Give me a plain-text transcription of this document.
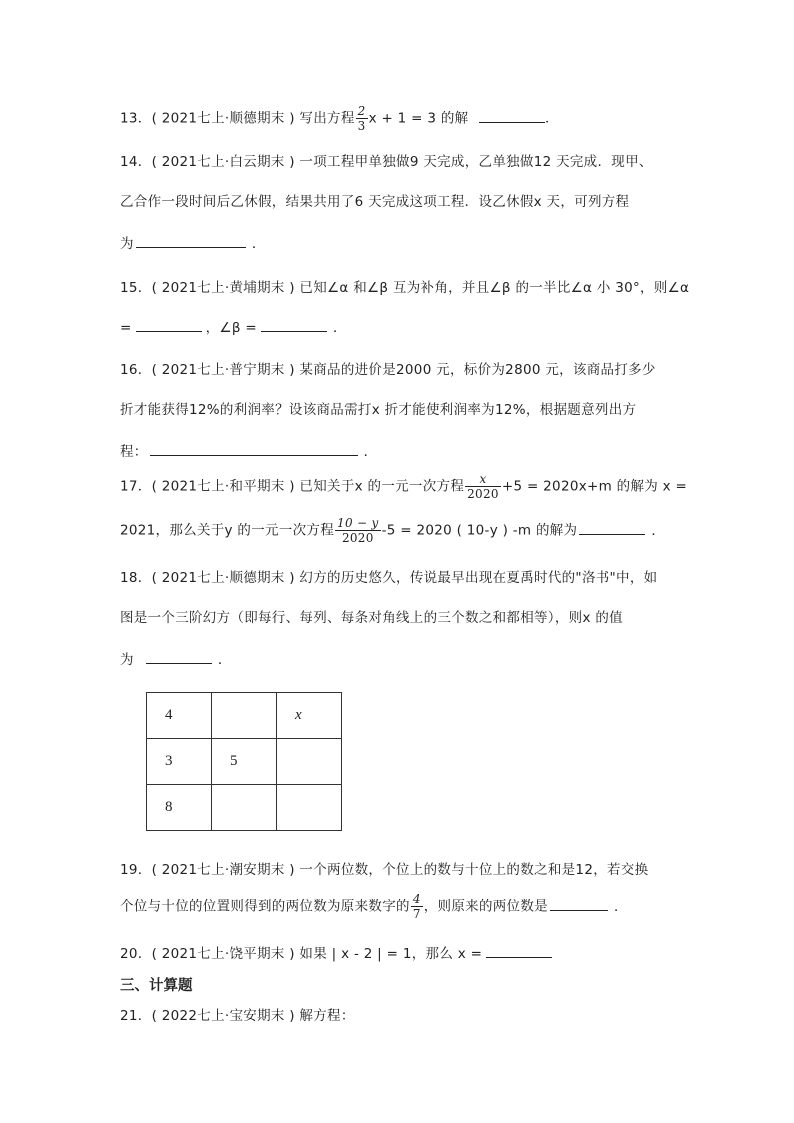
13．( 2021七上·顺德期末 ) 写出方程 $\frac{2}{3}$ x + 1 = 3 的解	．
14．( 2021七上·白云期末 ) 一项工程甲单独做9 天完成，乙单独做12 天完成．现甲、
乙合作一段时间后乙休假，结果共用了6 天完成这项工程．设乙休假x 天，可列方程
为	．
15．( 2021七上·黄埔期末 ) 已知∠α 和∠β 互为补角，并且∠β 的一半比∠α 小 30°，则∠α
=	，∠β =	．
16．( 2021七上·普宁期末 ) 某商品的进价是2000 元，标价为2800 元，该商品打多少
折才能获得12%的利润率？设该商品需打x 折才能使利润率为12%，根据题意列出方
程：	．
17．( 2021七上·和平期末 ) 已知关于x 的一元一次方程 $\frac{x}{2020} +5 = 2020x+m$ 的解为 x =
2021，那么关于y 的一元一次方程 $\frac{10 - y}{2020} -5 = 2020$ ( 10-y ) -m 的解为	．
18．( 2021七上·顺德期末 ) 幻方的历史悠久，传说最早出现在夏禹时代的"洛书"中，如
图是一个三阶幻方（即每行、每列、每条对角线上的三个数之和都相等），则x 的值
为	．
4		x
3	5	
8		
19．( 2021七上·潮安期末 ) 一个两位数，个位上的数与十位上的数之和是12，若交换
个位与十位的位置则得到的两位数为原来数字的 $\frac{4}{7}$ ，则原来的两位数是	．
20．( 2021七上·饶平期末 ) 如果 | x - 2 | = 1，那么 x =
三、计算题
21．( 2022七上·宝安期末 ) 解方程：
